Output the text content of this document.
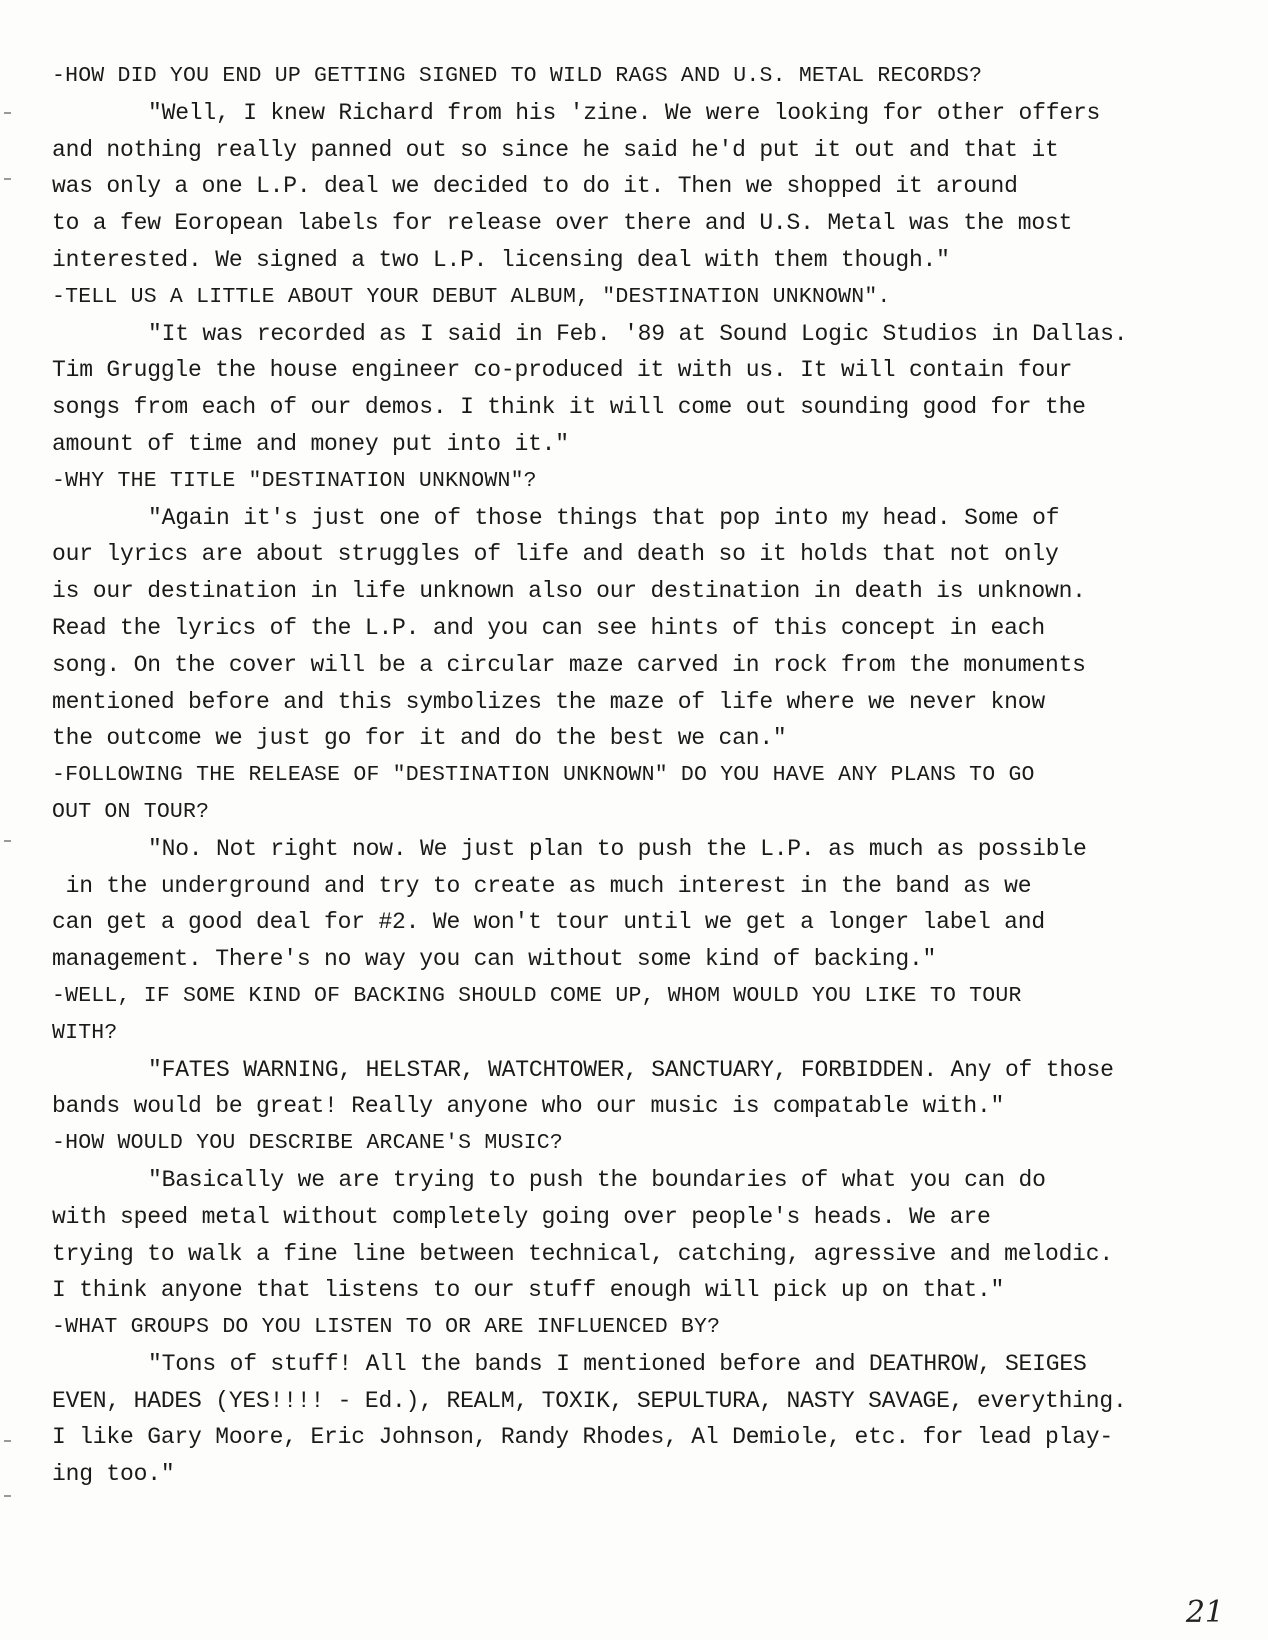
-HOW DID YOU END UP GETTING SIGNED TO WILD RAGS AND U.S. METAL RECORDS?
"Well, I knew Richard from his 'zine. We were looking for other offers
and nothing really panned out so since he said he'd put it out and that it
was only a one L.P. deal we decided to do it. Then we shopped it around
to a few Eoropean labels for release over there and U.S. Metal was the most
interested. We signed a two L.P. licensing deal with them though."
-TELL US A LITTLE ABOUT YOUR DEBUT ALBUM, "DESTINATION UNKNOWN".
"It was recorded as I said in Feb. '89 at Sound Logic Studios in Dallas.
Tim Gruggle the house engineer co-produced it with us. It will contain four
songs from each of our demos. I think it will come out sounding good for the
amount of time and money put into it."
-WHY THE TITLE "DESTINATION UNKNOWN"?
"Again it's just one of those things that pop into my head. Some of
our lyrics are about struggles of life and death so it holds that not only
is our destination in life unknown also our destination in death is unknown.
Read the lyrics of the L.P. and you can see hints of this concept in each
song. On the cover will be a circular maze carved in rock from the monuments
mentioned before and this symbolizes the maze of life where we never know
the outcome we just go for it and do the best we can."
-FOLLOWING THE RELEASE OF "DESTINATION UNKNOWN" DO YOU HAVE ANY PLANS TO GO
OUT ON TOUR?
"No. Not right now. We just plan to push the L.P. as much as possible
in the underground and try to create as much interest in the band as we
can get a good deal for #2. We won't tour until we get a longer label and
management. There's no way you can without some kind of backing."
-WELL, IF SOME KIND OF BACKING SHOULD COME UP, WHOM WOULD YOU LIKE TO TOUR
WITH?
"FATES WARNING, HELSTAR, WATCHTOWER, SANCTUARY, FORBIDDEN. Any of those
bands would be great! Really anyone who our music is compatable with."
-HOW WOULD YOU DESCRIBE ARCANE'S MUSIC?
"Basically we are trying to push the boundaries of what you can do
with speed metal without completely going over people's heads. We are
trying to walk a fine line between technical, catching, agressive and melodic.
I think anyone that listens to our stuff enough will pick up on that."
-WHAT GROUPS DO YOU LISTEN TO OR ARE INFLUENCED BY?
"Tons of stuff! All the bands I mentioned before and DEATHROW, SEIGES
EVEN, HADES (YES!!!! - Ed.), REALM, TOXIK, SEPULTURA, NASTY SAVAGE, everything.
I like Gary Moore, Eric Johnson, Randy Rhodes, Al Demiole, etc. for lead play-
ing too."
21
